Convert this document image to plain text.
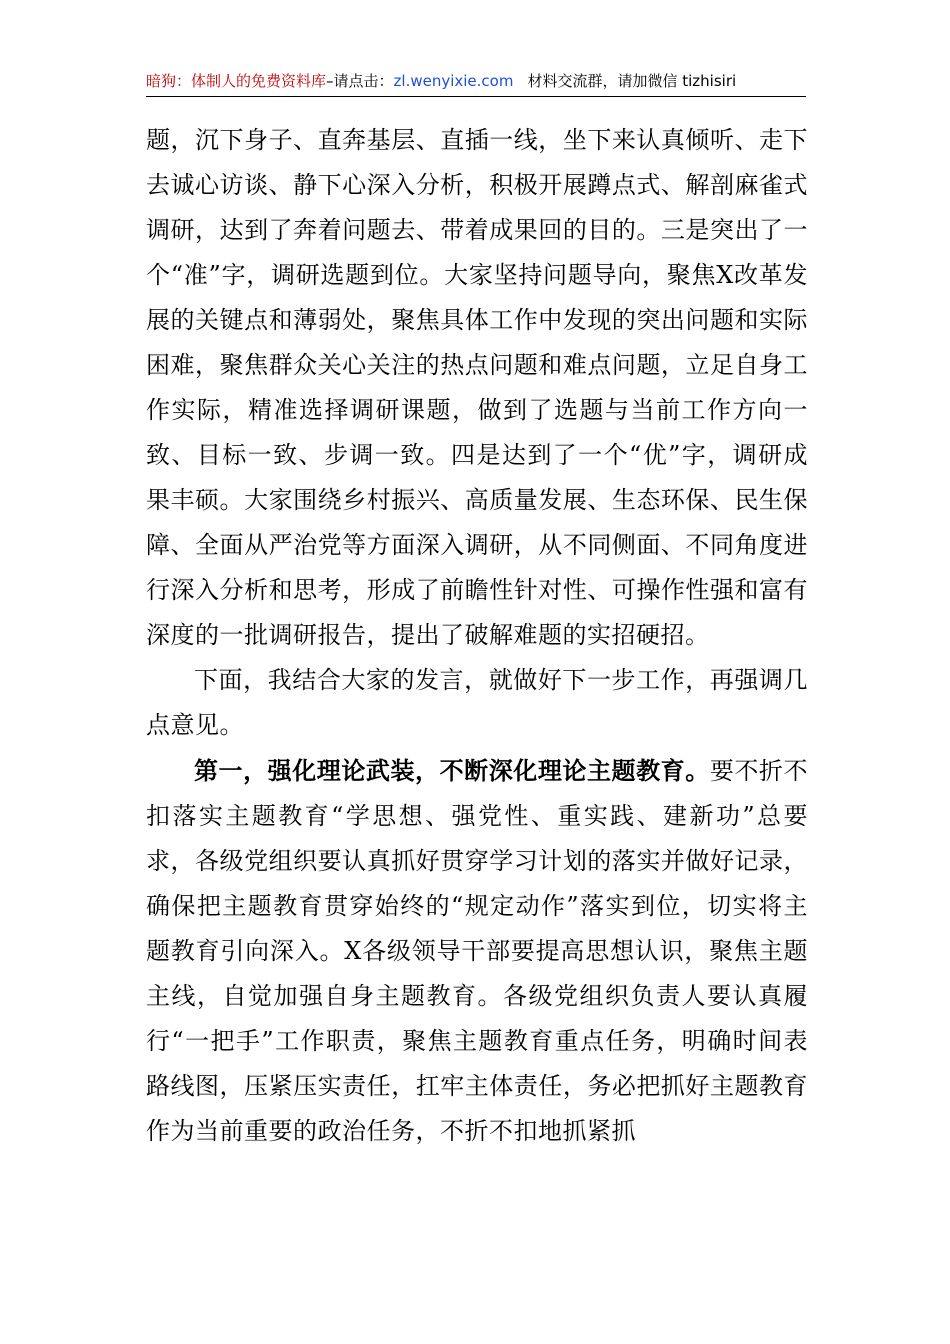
暗狗：体制人的免费资料库–请点击：zl.wenyixie.com 材料交流群，请加微信 tizhisiri

题，沉下身子、直奔基层、直插一线，坐下来认真倾听、走下去诚心访谈、静下心深入分析，积极开展蹲点式、解剖麻雀式调研，达到了奔着问题去、带着成果回的目的。三是突出了一个“准”字，调研选题到位。大家坚持问题导向，聚焦X改革发展的关键点和薄弱处，聚焦具体工作中发现的突出问题和实际困难，聚焦群众关心关注的热点问题和难点问题，立足自身工作实际，精准选择调研课题，做到了选题与当前工作方向一致、目标一致、步调一致。四是达到了一个“优”字，调研成果丰硕。大家围绕乡村振兴、高质量发展、生态环保、民生保障、全面从严治党等方面深入调研，从不同侧面、不同角度进行深入分析和思考，形成了前瞻性针对性、可操作性强和富有深度的一批调研报告，提出了破解难题的实招硬招。

下面，我结合大家的发言，就做好下一步工作，再强调几点意见。

第一，强化理论武装，不断深化理论主题教育。要不折不扣落实主题教育“学思想、强党性、重实践、建新功”总要求，各级党组织要认真抓好贯穿学习计划的落实并做好记录，确保把主题教育贯穿始终的“规定动作”落实到位，切实将主题教育引向深入。X各级领导干部要提高思想认识，聚焦主题主线，自觉加强自身主题教育。各级党组织负责人要认真履行“一把手”工作职责，聚焦主题教育重点任务，明确时间表路线图，压紧压实责任，扛牢主体责任，务必把抓好主题教育作为当前重要的政治任务，不折不扣地抓紧抓
